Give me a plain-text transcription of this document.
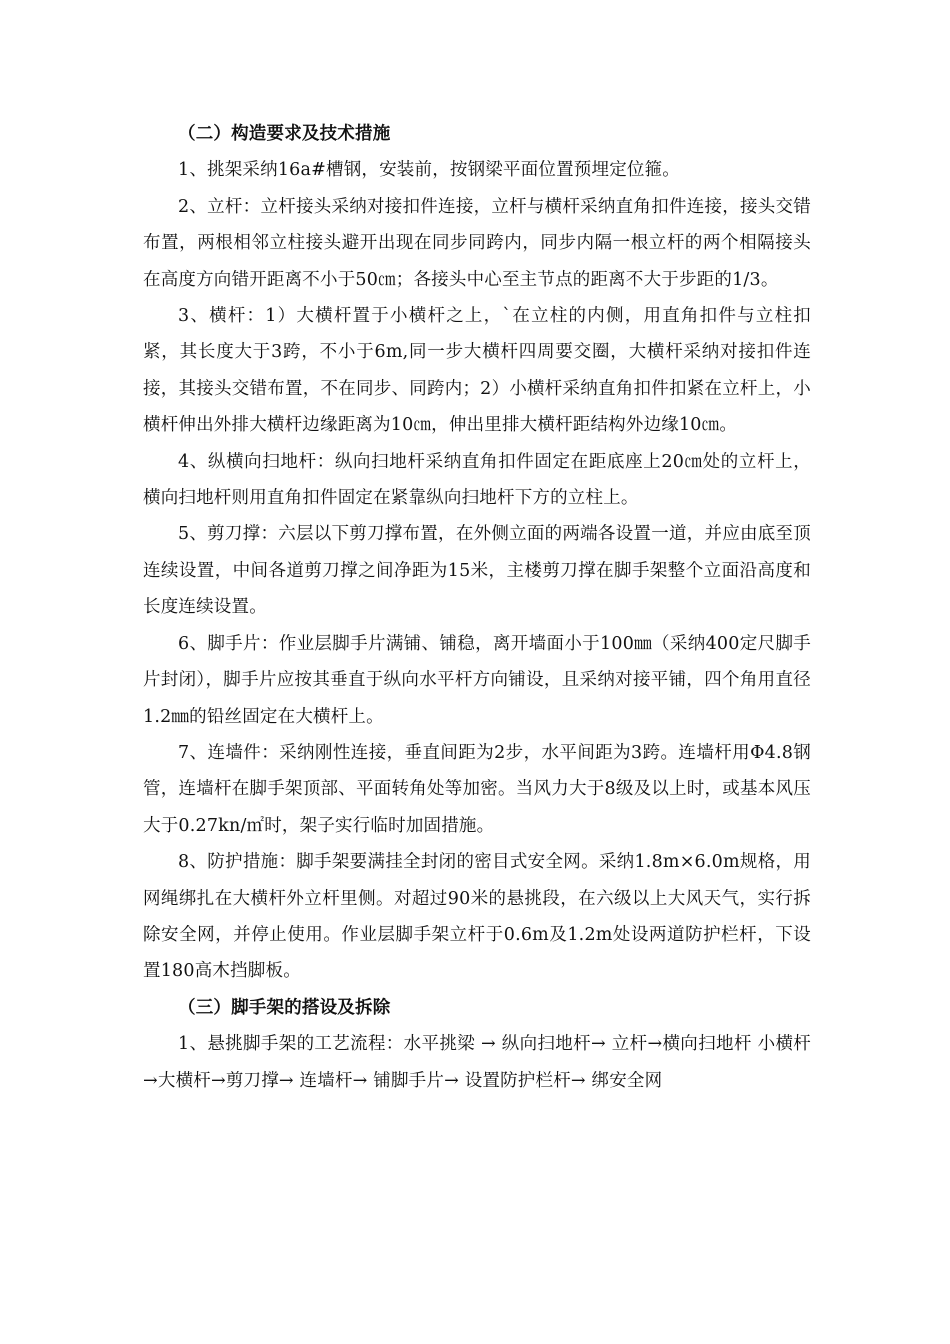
（二）构造要求及技术措施

1、挑架采纳16a#槽钢，安装前，按钢梁平面位置预埋定位箍。

2、立杆：立杆接头采纳对接扣件连接，立杆与横杆采纳直角扣件连接，接头交错布置，两根相邻立柱接头避开出现在同步同跨内，同步内隔一根立杆的两个相隔接头在高度方向错开距离不小于50㎝；各接头中心至主节点的距离不大于步距的1/3。

3、横杆：1）大横杆置于小横杆之上，`在立柱的内侧，用直角扣件与立柱扣紧，其长度大于3跨，不小于6m,同一步大横杆四周要交圈，大横杆采纳对接扣件连接，其接头交错布置，不在同步、同跨内；2）小横杆采纳直角扣件扣紧在立杆上，小横杆伸出外排大横杆边缘距离为10㎝，伸出里排大横杆距结构外边缘10㎝。

4、纵横向扫地杆：纵向扫地杆采纳直角扣件固定在距底座上20㎝处的立杆上，横向扫地杆则用直角扣件固定在紧靠纵向扫地杆下方的立柱上。

5、剪刀撑：六层以下剪刀撑布置，在外侧立面的两端各设置一道，并应由底至顶连续设置，中间各道剪刀撑之间净距为15米，主楼剪刀撑在脚手架整个立面沿高度和长度连续设置。

6、脚手片：作业层脚手片满铺、铺稳，离开墙面小于100㎜（采纳400定尺脚手片封闭），脚手片应按其垂直于纵向水平杆方向铺设，且采纳对接平铺，四个角用直径1.2㎜的铅丝固定在大横杆上。

7、连墙件：采纳刚性连接，垂直间距为2步，水平间距为3跨。连墙杆用Φ4.8钢管，连墙杆在脚手架顶部、平面转角处等加密。当风力大于8级及以上时，或基本风压大于0.27kn/㎡时，架子实行临时加固措施。

8、防护措施：脚手架要满挂全封闭的密目式安全网。采纳1.8m×6.0m规格，用网绳绑扎在大横杆外立杆里侧。对超过90米的悬挑段，在六级以上大风天气，实行拆除安全网，并停止使用。作业层脚手架立杆于0.6m及1.2m处设两道防护栏杆，下设置180高木挡脚板。

（三）脚手架的搭设及拆除

1、悬挑脚手架的工艺流程：水平挑梁 → 纵向扫地杆→ 立杆→横向扫地杆 小横杆→大横杆→剪刀撑→ 连墙杆→ 铺脚手片→ 设置防护栏杆→ 绑安全网
